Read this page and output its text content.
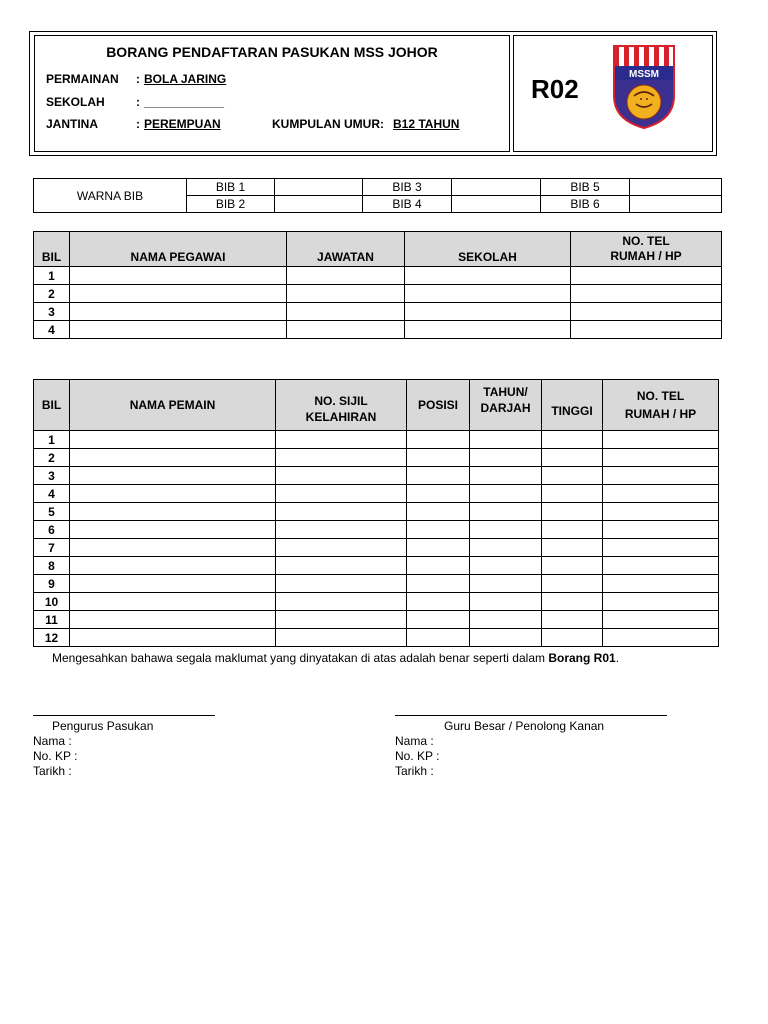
BORANG PENDAFTARAN PASUKAN MSS JOHOR
PERMAINAN : BOLA JARING
SEKOLAH	: ____________
JANTINA	: PEREMPUAN	KUMPULAN UMUR: B12 TAHUN
R02	MSSM
WARNA BIB	BIB 1		BIB 3		BIB 5	
	BIB 2		BIB 4		BIB 6	
BIL	NAMA PEGAWAI	JAWATAN	SEKOLAH	NO. TEL RUMAH / HP
1				
2				
3				
4				
BIL	NAMA PEMAIN	NO. SIJIL KELAHIRAN	POSISI	TAHUN/ DARJAH	TINGGI	NO. TEL RUMAH / HP
1						
2						
3						
4						
5						
6						
7						
8						
9						
10						
11						
12						
Mengesahkan bahawa segala maklumat yang dinyatakan di atas adalah benar seperti dalam Borang R01.
Pengurus Pasukan
Nama :
No. KP :
Tarikh :
Guru Besar / Penolong Kanan
Nama :
No. KP :
Tarikh :
